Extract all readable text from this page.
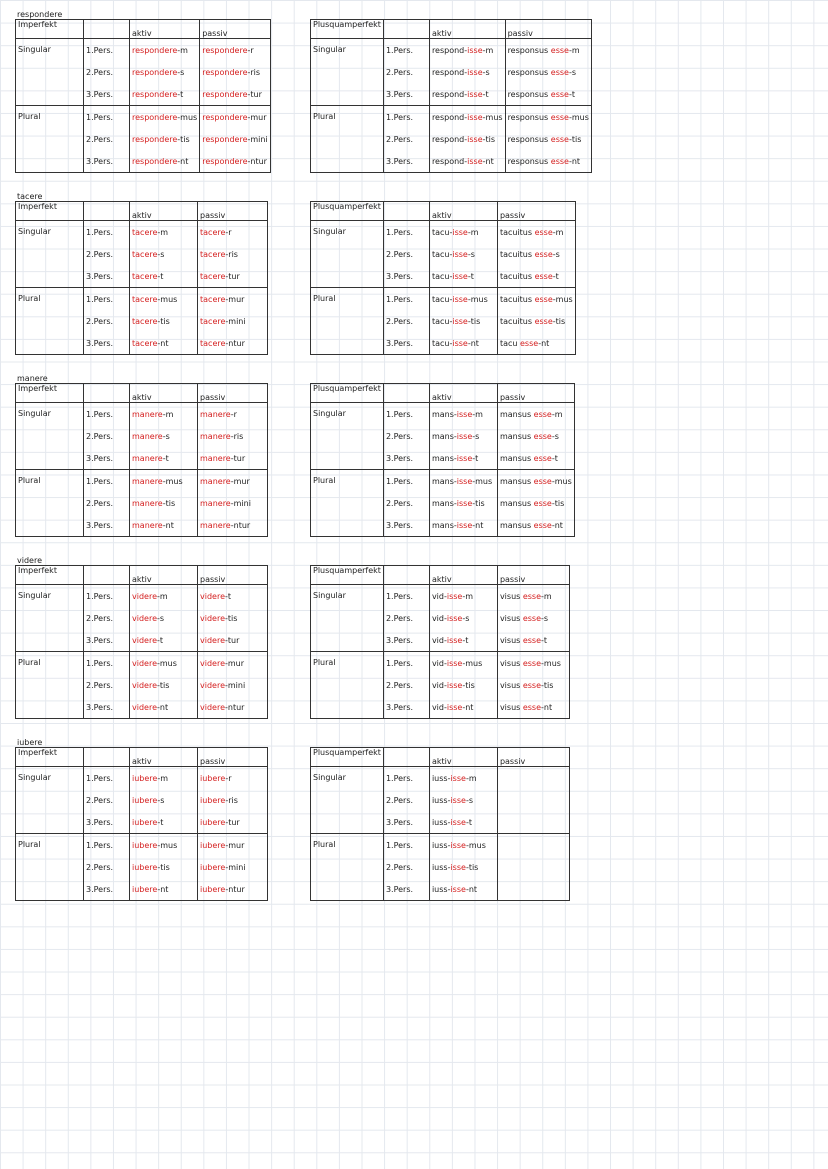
respondere
Imperfekt		aktiv	passiv
Singular	1.Pers.	respondere-m	respondere-r
	2.Pers.	respondere-s	respondere-ris
	3.Pers.	respondere-t	respondere-tur
Plural	1.Pers.	respondere-mus	respondere-mur
	2.Pers.	respondere-tis	respondere-mini
	3.Pers.	respondere-nt	respondere-ntur
Plusquamperfekt		aktiv	passiv
Singular	1.Pers.	respond-isse-m	responsus esse-m
	2.Pers.	respond-isse-s	responsus esse-s
	3.Pers.	respond-isse-t	responsus esse-t
Plural	1.Pers.	respond-isse-mus	responsus esse-mus
	2.Pers.	respond-isse-tis	responsus esse-tis
	3.Pers.	respond-isse-nt	responsus esse-nt
tacere
Imperfekt		aktiv	passiv
Singular	1.Pers.	tacere-m	tacere-r
	2.Pers.	tacere-s	tacere-ris
	3.Pers.	tacere-t	tacere-tur
Plural	1.Pers.	tacere-mus	tacere-mur
	2.Pers.	tacere-tis	tacere-mini
	3.Pers.	tacere-nt	tacere-ntur
Plusquamperfekt		aktiv	passiv
Singular	1.Pers.	tacu-isse-m	tacuitus esse-m
	2.Pers.	tacu-isse-s	tacuitus esse-s
	3.Pers.	tacu-isse-t	tacuitus esse-t
Plural	1.Pers.	tacu-isse-mus	tacuitus esse-mus
	2.Pers.	tacu-isse-tis	tacuitus esse-tis
	3.Pers.	tacu-isse-nt	tacu esse-nt
manere
Imperfekt		aktiv	passiv
Singular	1.Pers.	manere-m	manere-r
	2.Pers.	manere-s	manere-ris
	3.Pers.	manere-t	manere-tur
Plural	1.Pers.	manere-mus	manere-mur
	2.Pers.	manere-tis	manere-mini
	3.Pers.	manere-nt	manere-ntur
Plusquamperfekt		aktiv	passiv
Singular	1.Pers.	mans-isse-m	mansus esse-m
	2.Pers.	mans-isse-s	mansus esse-s
	3.Pers.	mans-isse-t	mansus esse-t
Plural	1.Pers.	mans-isse-mus	mansus esse-mus
	2.Pers.	mans-isse-tis	mansus esse-tis
	3.Pers.	mans-isse-nt	mansus esse-nt
videre
Imperfekt		aktiv	passiv
Singular	1.Pers.	videre-m	videre-t
	2.Pers.	videre-s	videre-tis
	3.Pers.	videre-t	videre-tur
Plural	1.Pers.	videre-mus	videre-mur
	2.Pers.	videre-tis	videre-mini
	3.Pers.	videre-nt	videre-ntur
Plusquamperfekt		aktiv	passiv
Singular	1.Pers.	vid-isse-m	visus esse-m
	2.Pers.	vid-isse-s	visus esse-s
	3.Pers.	vid-isse-t	visus esse-t
Plural	1.Pers.	vid-isse-mus	visus esse-mus
	2.Pers.	vid-isse-tis	visus esse-tis
	3.Pers.	vid-isse-nt	visus esse-nt
iubere
Imperfekt		aktiv	passiv
Singular	1.Pers.	iubere-m	iubere-r
	2.Pers.	iubere-s	iubere-ris
	3.Pers.	iubere-t	iubere-tur
Plural	1.Pers.	iubere-mus	iubere-mur
	2.Pers.	iubere-tis	iubere-mini
	3.Pers.	iubere-nt	iubere-ntur
Plusquamperfekt		aktiv	passiv
Singular	1.Pers.	iuss-isse-m	
	2.Pers.	iuss-isse-s	
	3.Pers.	iuss-isse-t	
Plural	1.Pers.	iuss-isse-mus	
	2.Pers.	iuss-isse-tis	
	3.Pers.	iuss-isse-nt	
